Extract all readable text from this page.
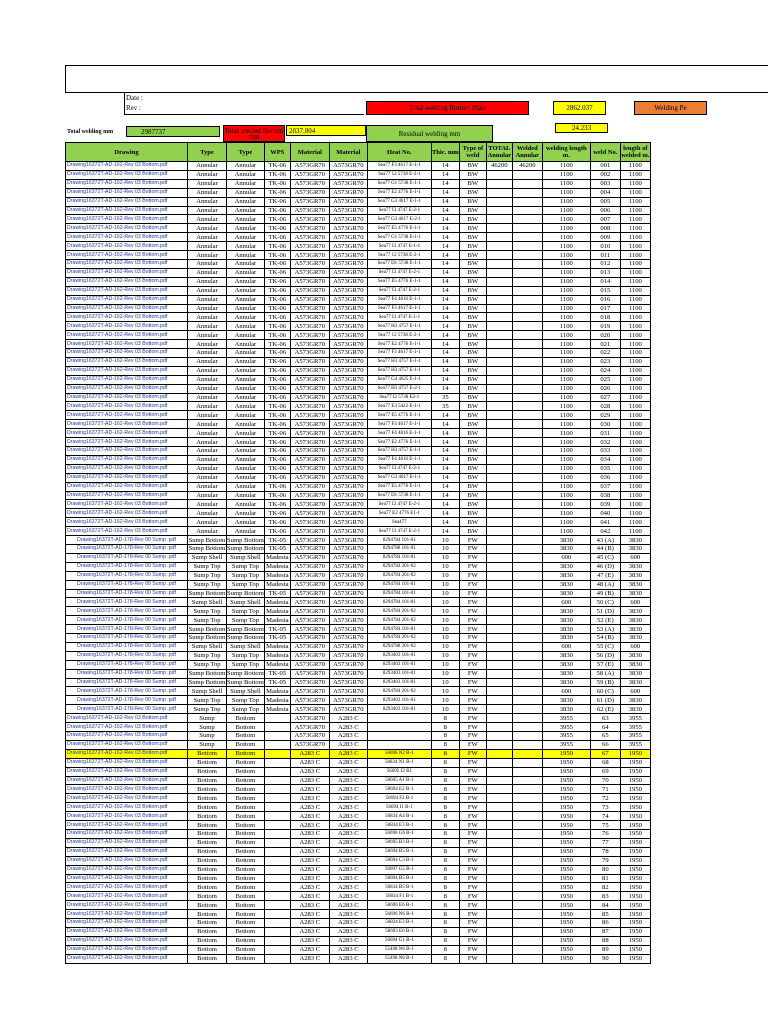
Date :
Rev :	Total welding Bottom Plate	2862.037	Welding Pe
Total welding mm	2987737	Total welded Bottom mm
2837.804	Residual welding mm
24.233
Drawing	Type	Type	WPS	Material	Material	Heat No.	Thic. mm	Type of weld	TOTAL Annular	Welded Annular	welding length m.	weld No.	length of welded m.
Drawing16372T-AD-162-Rev 03 Bottom.pdf	Annular	Annular	TK-06	A573GR70	A573GR70	Sea77 F3 4617 E-1-1	14	BW	46200	46200	1100	001	1100
Drawing16372T-AD-162-Rev 03 Bottom.pdf	Annular	Annular	TK-06	A573GR70	A573GR70	Sea77 12 5738 E-2-1	14	BW			1100	002	1100
Drawing16372T-AD-162-Rev 03 Bottom.pdf	Annular	Annular	TK-06	A573GR70	A573GR70	Sea77 G1 5738 E-1-1	14	BW			1100	003	1100
Drawing16372T-AD-162-Rev 03 Bottom.pdf	Annular	Annular	TK-06	A573GR70	A573GR70	Sea77 E2 4776 E-1-1	14	BW			1100	004	1100
Drawing16372T-AD-162-Rev 03 Bottom.pdf	Annular	Annular	TK-06	A573GR70	A573GR70	Sea77 G3 4617 E-1-1	14	BW			1100	005	1100
Drawing16372T-AD-162-Rev 03 Bottom.pdf	Annular	Annular	TK-06	A573GR70	A573GR70	Sea77 I3 4747 E-2-1	14	BW			1100	006	1100
Drawing16372T-AD-162-Rev 03 Bottom.pdf	Annular	Annular	TK-06	A573GR70	A573GR70	Sea77 G3 4617 E-2-1	14	BW			1100	007	1100
Drawing16372T-AD-162-Rev 03 Bottom.pdf	Annular	Annular	TK-06	A573GR70	A573GR70	Sea77 E5 4776 E-1-1	14	BW			1100	008	1100
Drawing16372T-AD-162-Rev 03 Bottom.pdf	Annular	Annular	TK-06	A573GR70	A573GR70	Sea77 G1 5738 E-1-1	14	BW			1100	009	1100
Drawing16372T-AD-162-Rev 03 Bottom.pdf	Annular	Annular	TK-06	A573GR70	A573GR70	Sea77 I3 4747 E-1-1	14	BW			1100	010	1100
Drawing16372T-AD-162-Rev 03 Bottom.pdf	Annular	Annular	TK-06	A573GR70	A573GR70	Sea77 12 5738 E-2-1	14	BW			1100	011	1100
Drawing16372T-AD-162-Rev 03 Bottom.pdf	Annular	Annular	TK-06	A573GR70	A573GR70	Sea77 D1 5738 E-1-1	14	BW			1100	012	1100
Drawing16372T-AD-162-Rev 03 Bottom.pdf	Annular	Annular	TK-06	A573GR70	A573GR70	Sea77 I3 4747 E-2-1	14	BW			1100	013	1100
Drawing16372T-AD-162-Rev 03 Bottom.pdf	Annular	Annular	TK-06	A573GR70	A573GR70	Sea77 E5 4776 E-1-1	14	BW			1100	014	1100
Drawing16372T-AD-162-Rev 03 Bottom.pdf	Annular	Annular	TK-06	A573GR70	A573GR70	Sea77 I3 4747 E-2-1	14	BW			1100	015	1100
Drawing16372T-AD-162-Rev 03 Bottom.pdf	Annular	Annular	TK-06	A573GR70	A573GR70	Sea77 F4 4816 E-1-1	14	BW			1100	016	1100
Drawing16372T-AD-162-Rev 03 Bottom.pdf	Annular	Annular	TK-06	A573GR70	A573GR70	Sea77 F3 4617 E-1-1	14	BW			1100	017	1100
Drawing16372T-AD-162-Rev 03 Bottom.pdf	Annular	Annular	TK-06	A573GR70	A573GR70	Sea77 I3 4747 E-1-1	14	BW			1100	018	1100
Drawing16372T-AD-162-Rev 03 Bottom.pdf	Annular	Annular	TK-06	A573GR70	A573GR70	Sea77 H3 4757 E-1-1	14	BW			1100	019	1100
Drawing16372T-AD-162-Rev 03 Bottom.pdf	Annular	Annular	TK-06	A573GR70	A573GR70	Sea77 12 5738 E-2-1	14	BW			1100	020	1100
Drawing16372T-AD-162-Rev 03 Bottom.pdf	Annular	Annular	TK-06	A573GR70	A573GR70	Sea77 E2 4776 E-1-1	14	BW			1100	021	1100
Drawing16372T-AD-162-Rev 03 Bottom.pdf	Annular	Annular	TK-06	A573GR70	A573GR70	Sea77 F3 4617 E-1-1	14	BW			1100	022	1100
Drawing16372T-AD-162-Rev 03 Bottom.pdf	Annular	Annular	TK-06	A573GR70	A573GR70	Sea77 H3 4757 E-1-1	14	BW			1100	023	1100
Drawing16372T-AD-162-Rev 03 Bottom.pdf	Annular	Annular	TK-06	A573GR70	A573GR70	Sea77 H3 4757 E-1-1	14	BW			1100	024	1100
Drawing16372T-AD-162-Rev 03 Bottom.pdf	Annular	Annular	TK-06	A573GR70	A573GR70	Sea77 G4 4625 E-1-1	14	BW			1100	025	1100
Drawing16372T-AD-162-Rev 03 Bottom.pdf	Annular	Annular	TK-06	A573GR70	A573GR70	Sea77 H3 4757 E-2-1	14	BW			1100	026	1100
Drawing16372T-AD-162-Rev 03 Bottom.pdf	Annular	Annular	TK-06	A573GR70	A573GR70	Sea77 I2 5738 E2-1	35	BW			1100	027	1100
Drawing16372T-AD-162-Rev 03 Bottom.pdf	Annular	Annular	TK-06	A573GR70	A573GR70	Sea77 E3 5422 E-1-1	35	BW			1100	028	1100
Drawing16372T-AD-162-Rev 03 Bottom.pdf	Annular	Annular	TK-06	A573GR70	A573GR70	Sea77 E5 4776 E-1-1	14	BW			1100	029	1100
Drawing16372T-AD-162-Rev 03 Bottom.pdf	Annular	Annular	TK-06	A573GR70	A573GR70	Sea77 F3 4617 E-1-1	14	BW			1100	030	1100
Drawing16372T-AD-162-Rev 03 Bottom.pdf	Annular	Annular	TK-06	A573GR70	A573GR70	Sea77 F4 4816 E-1-1	14	BW			1100	031	1100
Drawing16372T-AD-162-Rev 03 Bottom.pdf	Annular	Annular	TK-06	A573GR70	A573GR70	Sea77 E2 4776 E-1-1	14	BW			1100	032	1100
Drawing16372T-AD-162-Rev 03 Bottom.pdf	Annular	Annular	TK-06	A573GR70	A573GR70	Sea77 H3 4757 E-1-1	14	BW			1100	033	1100
Drawing16372T-AD-162-Rev 03 Bottom.pdf	Annular	Annular	TK-06	A573GR70	A573GR70	Sea77 F4 4816 E-1-1	14	BW			1100	034	1100
Drawing16372T-AD-162-Rev 03 Bottom.pdf	Annular	Annular	TK-06	A573GR70	A573GR70	Sea77 I3 4747 E-2-1	14	BW			1100	035	1100
Drawing16372T-AD-162-Rev 03 Bottom.pdf	Annular	Annular	TK-06	A573GR70	A573GR70	Sea77 G3 4617 E-1-1	14	BW			1100	036	1100
Drawing16372T-AD-162-Rev 03 Bottom.pdf	Annular	Annular	TK-06	A573GR70	A573GR70	Sea77 E5 4776 E-1-1	14	BW			1100	037	1100
Drawing16372T-AD-162-Rev 03 Bottom.pdf	Annular	Annular	TK-06	A573GR70	A573GR70	Sea77 D1 5738 E-1-1	14	BW			1100	038	1100
Drawing16372T-AD-162-Rev 03 Bottom.pdf	Annular	Annular	TK-06	A573GR70	A573GR70	Sea77 I3 4747 E-2-1	14	BW			1100	039	1100
Drawing16372T-AD-162-Rev 03 Bottom.pdf	Annular	Annular	TK-06	A573GR70	A573GR70	Sea77 E2 4776 E1-1	14	BW			1100	040	1100
Drawing16372T-AD-162-Rev 03 Bottom.pdf	Annular	Annular	TK-06	A573GR70	A573GR70	Sea477	14	BW			1100	041	1100
Drawing16372T-AD-162-Rev 03 Bottom.pdf	Annular	Annular	TK-06	A573GR70	A573GR70	Sea77 I3 4747 E-2-1	14	BW			1100	042	1100
Drawing16372T-AD-178-Rev 00 Sump .pdf	Sump Bottom	Sump Bottom	TK-05	A573GR70	A573GR70	8294784 101-01	10	FW			3830	43 (A)	3830
Drawing16372T-AD-178-Rev 00 Sump .pdf	Sump Bottom	Sump Bottom	TK-05	A573GR70	A573GR70	8294788 101-01	10	FW			3830	44 (B)	3830
Drawing16372T-AD-178-Rev 00 Sump .pdf	Sump Shell	Sump Shell	Madesta	A573GR70	A573GR70	8294784 101-01	10	FW			600	45 (C)	600
Drawing16372T-AD-178-Rev 00 Sump .pdf	Sump Top	Sump Top	Madesta	A573GR70	A573GR70	8294784 201-02	10	FW			3830	46 (D)	3830
Drawing16372T-AD-178-Rev 00 Sump .pdf	Sump Top	Sump Top	Madesta	A573GR70	A573GR70	8294784 201-02	10	FW			3830	47 (E)	3830
Drawing16372T-AD-178-Rev 00 Sump .pdf	Sump Top	Sump Top	Madesta	A573GR70	A573GR70	8294784 101-01	10	FW			3830	48 (A)	3830
Drawing16372T-AD-178-Rev 00 Sump .pdf	Sump Bottom	Sump Bottom	TK-05	A573GR70	A573GR70	8294784 101-01	10	FW			3830	49 (B)	3830
Drawing16372T-AD-178-Rev 00 Sump .pdf	Sump Shell	Sump Shell	Madesta	A573GR70	A573GR70	8294784 101-01	10	FW			600	50 (C)	600
Drawing16372T-AD-178-Rev 00 Sump .pdf	Sump Top	Sump Top	Madesta	A573GR70	A573GR70	8294784 201-02	10	FW			3830	51 (D)	3830
Drawing16372T-AD-178-Rev 00 Sump .pdf	Sump Top	Sump Top	Madesta	A573GR70	A573GR70	8294784 201-02	10	FW			3830	52 (E)	3830
Drawing16372T-AD-178-Rev 00 Sump .pdf	Sump Bottom	Sump Bottom	TK-05	A573GR70	A573GR70	8294784 101-01	10	FW			3830	53 (A)	3830
Drawing16372T-AD-178-Rev 00 Sump .pdf	Sump Bottom	Sump Bottom	TK-05	A573GR70	A573GR70	8294784 201-02	10	FW			3830	54 (B)	3830
Drawing16372T-AD-178-Rev 00 Sump .pdf	Sump Shell	Sump Shell	Madesta	A573GR70	A573GR70	8294788 201-02	10	FW			600	55 (C)	600
Drawing16372T-AD-178-Rev 00 Sump .pdf	Sump Top	Sump Top	Madesta	A573GR70	A573GR70	8293403 101-01	10	FW			3830	56 (D)	3830
Drawing16372T-AD-178-Rev 00 Sump .pdf	Sump Top	Sump Top	Madesta	A573GR70	A573GR70	8293403 101-01	10	FW			3830	57 (E)	3830
Drawing16372T-AD-178-Rev 00 Sump .pdf	Sump Bottom	Sump Bottom	TK-05	A573GR70	A573GR70	8293403 101-01	10	FW			3830	58 (A)	3830
Drawing16372T-AD-178-Rev 00 Sump .pdf	Sump Bottom	Sump Bottom	TK-05	A573GR70	A573GR70	8293403 101-01	10	FW			3830	59 (B)	3830
Drawing16372T-AD-178-Rev 00 Sump .pdf	Sump Shell	Sump Shell	Madesta	A573GR70	A573GR70	8294784 201-02	10	FW			600	60 (C)	600
Drawing16372T-AD-178-Rev 00 Sump .pdf	Sump Top	Sump Top	Madesta	A573GR70	A573GR70	8293403 101-01	10	FW			3830	61 (D)	3830
Drawing16372T-AD-178-Rev 00 Sump .pdf	Sump Top	Sump Top	Madesta	A573GR70	A573GR70	8293403 101-01	10	FW			3830	62 (E)	3830
Drawing16372T-AD-162-Rev 03 Bottom.pdf	Sump	Bottom		A573GR70	A283 C		8	FW			3955	63	3955
Drawing16372T-AD-162-Rev 03 Bottom.pdf	Sump	Bottom		A573GR70	A283 C		8	FW			3955	64	3955
Drawing16372T-AD-162-Rev 03 Bottom.pdf	Sump	Bottom		A573GR70	A283 C		8	FW			3955	65	3955
Drawing16372T-AD-162-Rev 03 Bottom.pdf	Sump	Bottom		A573GR70	A283 C		8	FW			3955	66	3955
Drawing16372T-AD-162-Rev 03 Bottom.pdf	Bottom	Bottom		A283 C	A283 C	56696 N2 B-1	8	FW			1950	67	1950
Drawing16372T-AD-162-Rev 03 Bottom.pdf	Bottom	Bottom		A283 C	A283 C	56834 N1 B-1	8	FW			1950	68	1950
Drawing16372T-AD-162-Rev 03 Bottom.pdf	Bottom	Bottom		A283 C	A283 C	56695 J2 B1	8	FW			1950	69	1950
Drawing16372T-AD-162-Rev 03 Bottom.pdf	Bottom	Bottom		A283 C	A283 C	56695 A1 B-1	8	FW			1950	70	1950
Drawing16372T-AD-162-Rev 03 Bottom.pdf	Bottom	Bottom		A283 C	A283 C	56694 E2 B-1	8	FW			1950	71	1950
Drawing16372T-AD-162-Rev 03 Bottom.pdf	Bottom	Bottom		A283 C	A283 C	56694 F2 B-1	8	FW			1950	72	1950
Drawing16372T-AD-162-Rev 03 Bottom.pdf	Bottom	Bottom		A283 C	A283 C	56694 I1 B-1	8	FW			1950	73	1950
Drawing16372T-AD-162-Rev 03 Bottom.pdf	Bottom	Bottom		A283 C	A283 C	56834 A4 B-1	8	FW			1950	74	1950
Drawing16372T-AD-162-Rev 03 Bottom.pdf	Bottom	Bottom		A283 C	A283 C	56834 E3 B-1	8	FW			1950	75	1950
Drawing16372T-AD-162-Rev 03 Bottom.pdf	Bottom	Bottom		A283 C	A283 C	56696 G6 B-1	8	FW			1950	76	1950
Drawing16372T-AD-162-Rev 03 Bottom.pdf	Bottom	Bottom		A283 C	A283 C	56695 B3 B-1	8	FW			1950	77	1950
Drawing16372T-AD-162-Rev 03 Bottom.pdf	Bottom	Bottom		A283 C	A283 C	56694 B5 B-1	8	FW			1950	78	1950
Drawing16372T-AD-162-Rev 03 Bottom.pdf	Bottom	Bottom		A283 C	A283 C	56694 C3 B-1	8	FW			1950	79	1950
Drawing16372T-AD-162-Rev 03 Bottom.pdf	Bottom	Bottom		A283 C	A283 C	56697 G5 B-1	8	FW			1950	80	1950
Drawing16372T-AD-162-Rev 03 Bottom.pdf	Bottom	Bottom		A283 C	A283 C	56694 B5 B-1	8	FW			1950	81	1950
Drawing16372T-AD-162-Rev 03 Bottom.pdf	Bottom	Bottom		A283 C	A283 C	56834 B5 B-1	8	FW			1950	82	1950
Drawing16372T-AD-162-Rev 03 Bottom.pdf	Bottom	Bottom		A283 C	A283 C	56834 F1 B-1	8	FW			1950	83	1950
Drawing16372T-AD-162-Rev 03 Bottom.pdf	Bottom	Bottom		A283 C	A283 C	56696 E6 B-1	8	FW			1950	84	1950
Drawing16372T-AD-162-Rev 03 Bottom.pdf	Bottom	Bottom		A283 C	A283 C	56696 N6 B-1	8	FW			1950	85	1950
Drawing16372T-AD-162-Rev 03 Bottom.pdf	Bottom	Bottom		A283 C	A283 C	56834 E3 B-1	8	FW			1950	86	1950
Drawing16372T-AD-162-Rev 03 Bottom.pdf	Bottom	Bottom		A283 C	A283 C	56693 E6 B-1	8	FW			1950	87	1950
Drawing16372T-AD-162-Rev 03 Bottom.pdf	Bottom	Bottom		A283 C	A283 C	56694 G1 B-1	8	FW			1950	88	1950
Drawing16372T-AD-162-Rev 03 Bottom.pdf	Bottom	Bottom		A283 C	A283 C	55498 N6 B-1	8	FW			1950	89	1950
Drawing16372T-AD-162-Rev 03 Bottom.pdf	Bottom	Bottom		A283 C	A283 C	55498 N6 B-1	8	FW			1950	90	1950
